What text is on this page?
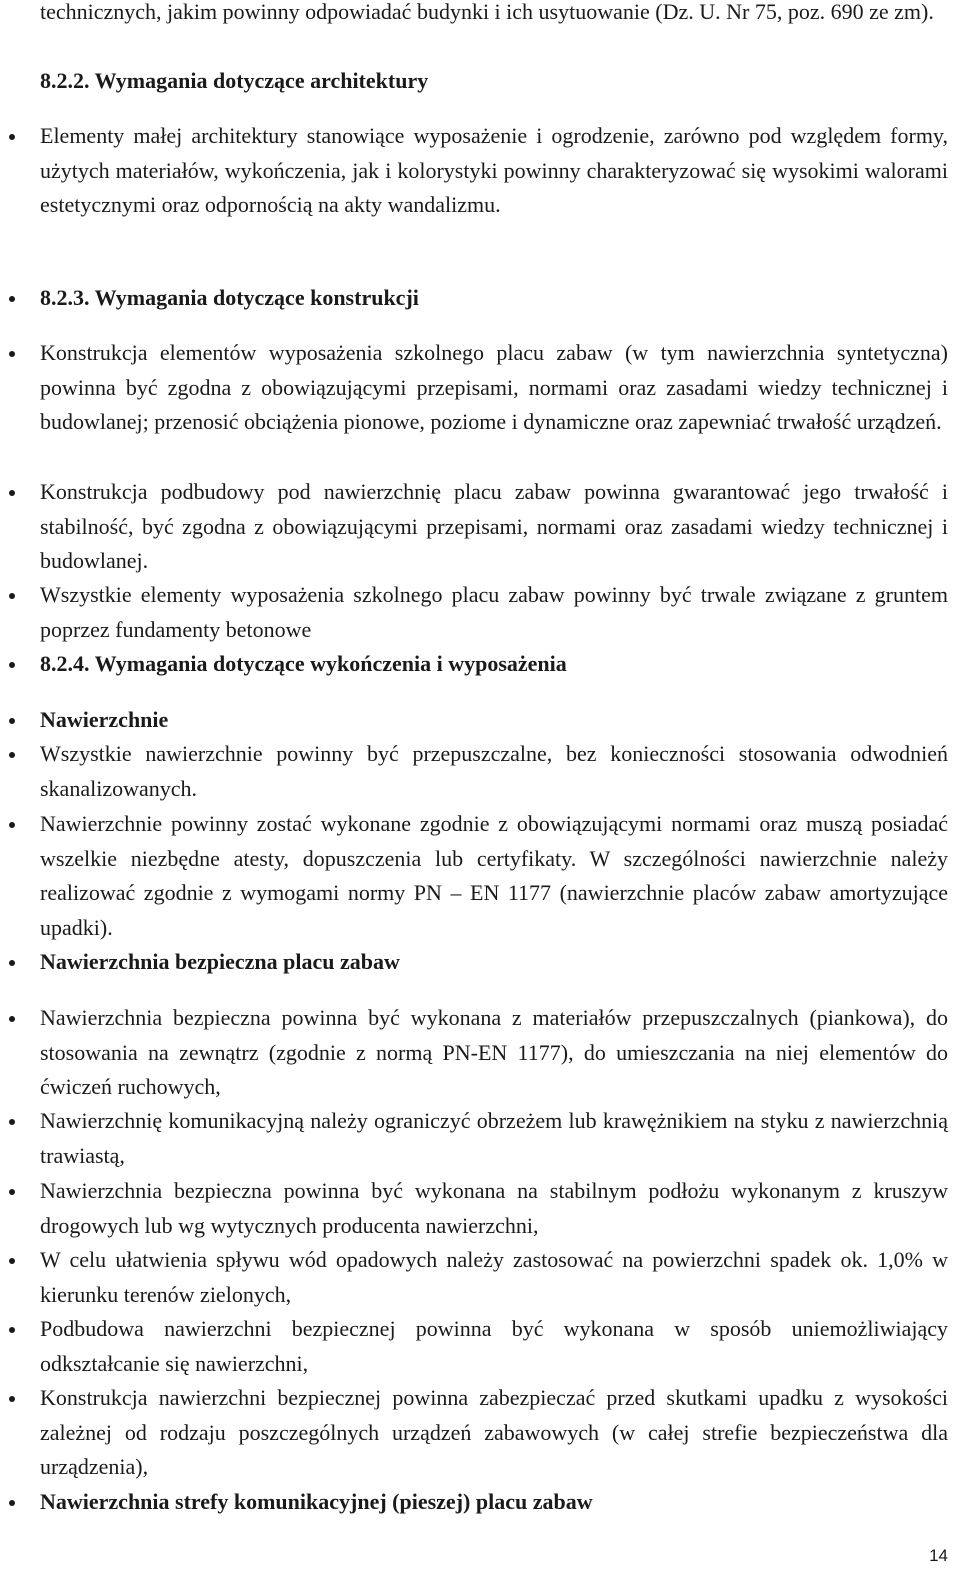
technicznych, jakim powinny odpowiadać budynki i ich usytuowanie (Dz. U. Nr 75, poz. 690 ze zm).

8.2.2. Wymagania dotyczące architektury

Elementy małej architektury stanowiące wyposażenie i ogrodzenie, zarówno pod względem formy, użytych materiałów, wykończenia, jak i kolorystyki powinny charakteryzować się wysokimi walorami estetycznymi oraz odpornością na akty wandalizmu.
8.2.3. Wymagania dotyczące konstrukcji
Konstrukcja elementów wyposażenia szkolnego placu zabaw (w tym nawierzchnia syntetyczna) powinna być zgodna z obowiązującymi przepisami, normami oraz zasadami wiedzy technicznej i budowlanej; przenosić obciążenia pionowe, poziome i dynamiczne oraz zapewniać trwałość urządzeń.
Konstrukcja podbudowy pod nawierzchnię placu zabaw powinna gwarantować jego trwałość i stabilność, być zgodna z obowiązującymi przepisami, normami oraz zasadami wiedzy technicznej i budowlanej.
Wszystkie elementy wyposażenia szkolnego placu zabaw powinny być trwale związane z gruntem poprzez fundamenty betonowe
8.2.4. Wymagania dotyczące wykończenia i wyposażenia
Nawierzchnie
Wszystkie nawierzchnie powinny być przepuszczalne, bez konieczności stosowania odwodnień skanalizowanych.
Nawierzchnie powinny zostać wykonane zgodnie z obowiązującymi normami oraz muszą posiadać wszelkie niezbędne atesty, dopuszczenia lub certyfikaty. W szczególności nawierzchnie należy realizować zgodnie z wymogami normy PN – EN 1177 (nawierzchnie placów zabaw amortyzujące upadki).
Nawierzchnia bezpieczna placu zabaw
Nawierzchnia bezpieczna powinna być wykonana z materiałów przepuszczalnych (piankowa), do stosowania na zewnątrz (zgodnie z normą PN-EN 1177), do umieszczania na niej elementów do ćwiczeń ruchowych,
Nawierzchnię komunikacyjną należy ograniczyć obrzeżem lub krawężnikiem na styku z nawierzchnią trawiastą,
Nawierzchnia bezpieczna powinna być wykonana na stabilnym podłożu wykonanym z kruszyw drogowych lub wg wytycznych producenta nawierzchni,
W celu ułatwienia spływu wód opadowych należy zastosować na powierzchni spadek ok. 1,0% w kierunku terenów zielonych,
Podbudowa nawierzchni bezpiecznej powinna być wykonana w sposób uniemożliwiający odkształcanie się nawierzchni,
Konstrukcja nawierzchni bezpiecznej powinna zabezpieczać przed skutkami upadku z wysokości zależnej od rodzaju poszczególnych urządzeń zabawowych (w całej strefie bezpieczeństwa dla urządzenia),
Nawierzchnia strefy komunikacyjnej (pieszej) placu zabaw
14
